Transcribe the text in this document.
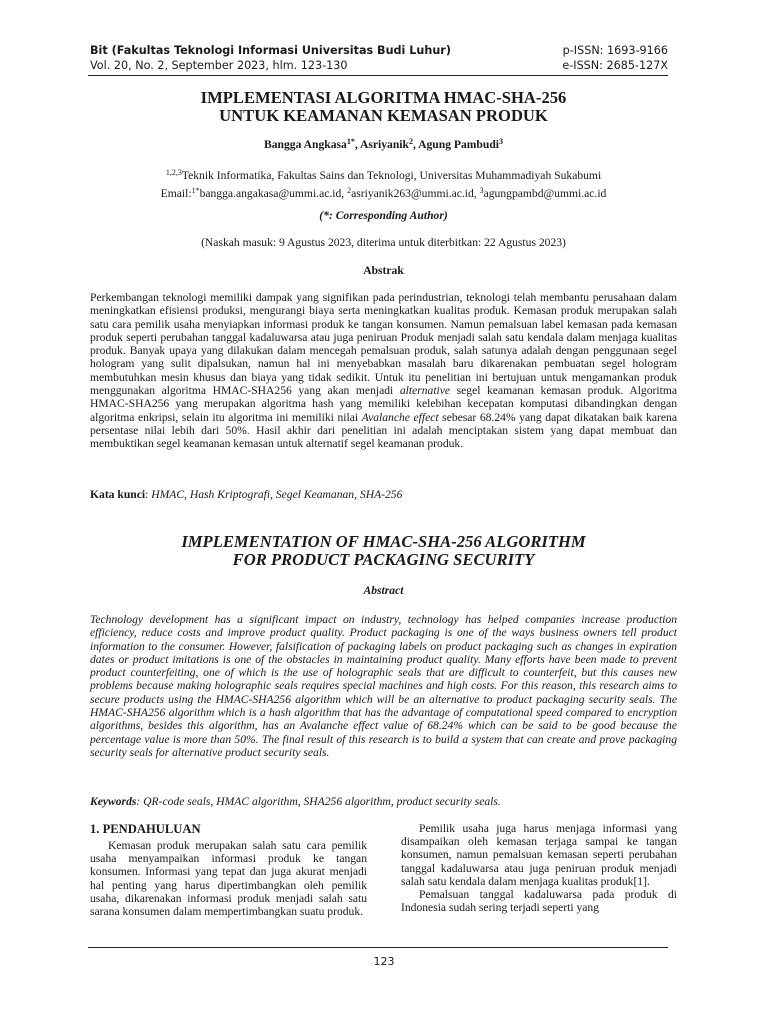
Bit (Fakultas Teknologi Informasi Universitas Budi Luhur)	p-ISSN: 1693-9166
Vol. 20, No. 2, September 2023, hlm. 123-130	e-ISSN: 2685-127X
IMPLEMENTASI ALGORITMA HMAC-SHA-256
UNTUK KEAMANAN KEMASAN PRODUK
Bangga Angkasa$^{1*}$, Asriyanik$^2$, Agung Pambudi$^3$
$^{1,2,3}$Teknik Informatika, Fakultas Sains dan Teknologi, Universitas Muhammadiyah Sukabumi
Email:$^{1*}$bangga.angakasa@ummi.ac.id, $^2$asriyanik263@ummi.ac.id, $^3$agungpambd@ummi.ac.id
(*: Corresponding Author)
(Naskah masuk: 9 Agustus 2023, diterima untuk diterbitkan: 22 Agustus 2023)
Abstrak
Perkembangan teknologi memiliki dampak yang signifikan pada perindustrian, teknologi telah membantu perusahaan dalam meningkatkan efisiensi produksi, mengurangi biaya serta meningkatkan kualitas produk. Kemasan produk merupakan salah satu cara pemilik usaha menyiapkan informasi produk ke tangan konsumen. Namun pemalsuan label kemasan pada kemasan produk seperti perubahan tanggal kadaluwarsa atau juga peniruan Produk menjadi salah satu kendala dalam menjaga kualitas produk. Banyak upaya yang dilakukan dalam mencegah pemalsuan produk, salah satunya adalah dengan penggunaan segel hologram yang sulit dipalsukan, namun hal ini menyebabkan masalah baru dikarenakan pembuatan segel hologram membutuhkan mesin khusus dan biaya yang tidak sedikit. Untuk itu penelitian ini bertujuan untuk mengamankan produk menggunakan algoritma HMAC-SHA256 yang akan menjadi alternative segel keamanan kemasan produk. Algoritma HMAC-SHA256 yang merupakan algoritma hash yang memiliki kelebihan kecepatan komputasi dibandingkan dengan algoritma enkripsi, selain itu algoritma ini memiliki nilai Avalanche effect sebesar 68.24% yang dapat dikatakan baik karena persentase nilai lebih dari 50%. Hasil akhir dari penelitian ini adalah menciptakan sistem yang dapat membuat dan membuktikan segel keamanan kemasan untuk alternatif segel keamanan produk.
Kata kunci: HMAC, Hash Kriptografi, Segel Keamanan, SHA-256
IMPLEMENTATION OF HMAC-SHA-256 ALGORITHM
FOR PRODUCT PACKAGING SECURITY
Abstract
Technology development has a significant impact on industry, technology has helped companies increase production efficiency, reduce costs and improve product quality. Product packaging is one of the ways business owners tell product information to the consumer. However, falsification of packaging labels on product packaging such as changes in expiration dates or product imitations is one of the obstacles in maintaining product quality. Many efforts have been made to prevent product counterfeiting, one of which is the use of holographic seals that are difficult to counterfeit, but this causes new problems because making holographic seals requires special machines and high costs. For this reason, this research aims to secure products using the HMAC-SHA256 algorithm which will be an alternative to product packaging security seals. The HMAC-SHA256 algorithm which is a hash algorithm that has the advantage of computational speed compared to encryption algorithms, besides this algorithm, has an Avalanche effect value of 68.24% which can be said to be good because the percentage value is more than 50%. The final result of this research is to build a system that can create and prove packaging security seals for alternative product security seals.
Keywords: QR-code seals, HMAC algorithm, SHA256 algorithm, product security seals.
1. PENDAHULUAN

Kemasan produk merupakan salah satu cara pemilik usaha menyampaikan informasi produk ke tangan konsumen. Informasi yang tepat dan juga akurat menjadi hal penting yang harus dipertimbangkan oleh pemilik usaha, dikarenakan informasi produk menjadi salah satu sarana konsumen dalam mempertimbangkan suatu produk.

Pemilik usaha juga harus menjaga informasi yang disampaikan oleh kemasan terjaga sampai ke tangan konsumen, namun pemalsuan kemasan seperti perubahan tanggal kadaluwarsa atau juga peniruan produk menjadi salah satu kendala dalam menjaga kualitas produk[1].

Pemalsuan tanggal kadaluwarsa pada produk di Indonesia sudah sering terjadi seperti yang

123
